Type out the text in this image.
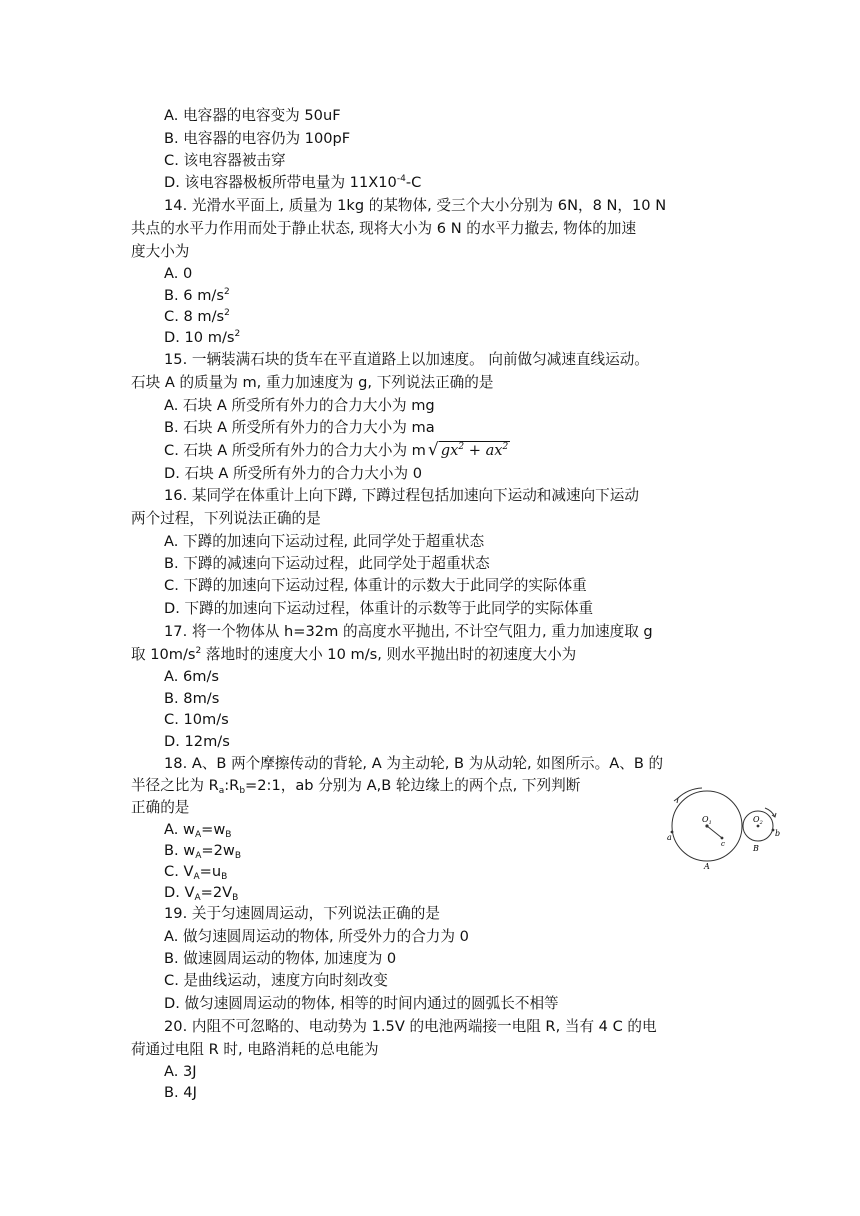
A. 电容器的电容变为 50uF
B. 电容器的电容仍为 100pF
C. 该电容器被击穿
D. 该电容器极板所带电量为 $11X10^{-4}-C$
14. 光滑水平面上, 质量为 1kg 的某物体, 受三个大小分别为 6N，8 N，10 N
共点的水平力作用而处于静止状态, 现将大小为 6 N 的水平力撤去, 物体的加速
度大小为
A. 0
B. 6 $m/s^2$
C. 8 $m/s^2$
D. 10 $m/s^2$
15. 一辆装满石块的货车在平直道路上以加速度。 向前做匀减速直线运动。
石块 A 的质量为 m, 重力加速度为 g, 下列说法正确的是
A. 石块 A 所受所有外力的合力大小为 mg
B. 石块 A 所受所有外力的合力大小为 ma
C. 石块 A 所受所有外力的合力大小为 m √ $gx^2 + ax^2$
D. 石块 A 所受所有外力的合力大小为 0
16. 某同学在体重计上向下蹲, 下蹲过程包括加速向下运动和减速向下运动
两个过程，下列说法正确的是
A. 下蹲的加速向下运动过程, 此同学处于超重状态
B. 下蹲的减速向下运动过程，此同学处于超重状态
C. 下蹲的加速向下运动过程, 体重计的示数大于此同学的实际体重
D. 下蹲的加速向下运动过程，体重计的示数等于此同学的实际体重
17. 将一个物体从 h=32m 的高度水平抛出, 不计空气阻力, 重力加速度取 g
取 $10m/s^2$ 落地时的速度大小 10 m/s, 则水平抛出时的初速度大小为
A. 6m/s
B. 8m/s
C. 10m/s
D. 12m/s
18. A、B 两个摩擦传动的背轮, A 为主动轮, B 为从动轮, 如图所示。A、B 的
半径之比为 $R_a:R_b=2:1$，ab 分别为 A,B 轮边缘上的两个点, 下列判断
正确的是
A. $w_A=w_B$
B. $w_A=2w_B$
C. $V_A=u_B$
D. $V_A=2V_B$
$O_1$	$O_2$
a	b
c
A
B
19. 关于匀速圆周运动，下列说法正确的是
A. 做匀速圆周运动的物体, 所受外力的合力为 0
B. 做速圆周运动的物体, 加速度为 0
C. 是曲线运动，速度方向时刻改变
D. 做匀速圆周运动的物体, 相等的时间内通过的圆弧长不相等
20. 内阻不可忽略的、电动势为 1.5V 的电池两端接一电阻 R, 当有 4 C 的电
荷通过电阻 R 时, 电路消耗的总电能为
A. 3J
B. 4J
